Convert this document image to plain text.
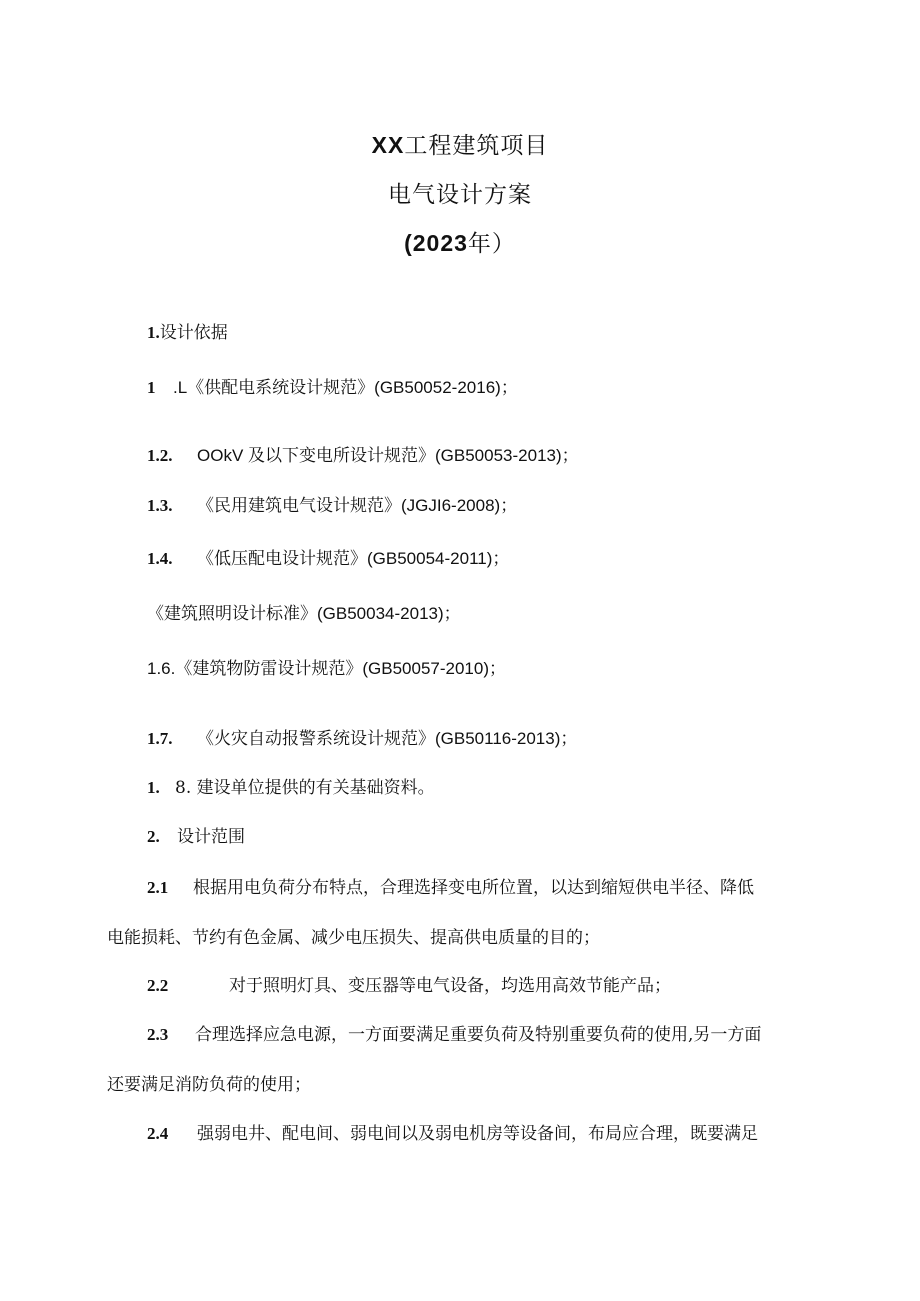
XX工程建筑项目
电气设计方案
(2023年）
1.设计依据
1 .L《供配电系统设计规范》(GB50052-2016)；
1.2. OOkV 及以下变电所设计规范》(GB50053-2013)；
1.3. 《民用建筑电气设计规范》(JGJI6-2008)；
1.4. 《低压配电设计规范》(GB50054-2011)；
《建筑照明设计标准》(GB50034-2013)；
1.6.《建筑物防雷设计规范》(GB50057-2010)；
1.7. 《火灾自动报警系统设计规范》(GB50116-2013)；
1. 8. 建设单位提供的有关基础资料。
2. 设计范围
2.1 根据用电负荷分布特点，合理选择变电所位置，以达到缩短供电半径、降低
电能损耗、节约有色金属、减少电压损失、提高供电质量的目的；
2.2	对于照明灯具、变压器等电气设备，均选用高效节能产品；
2.3 合理选择应急电源，一方面要满足重要负荷及特别重要负荷的使用,另一方面
还要满足消防负荷的使用；
2.4 强弱电井、配电间、弱电间以及弱电机房等设备间，布局应合理，既要满足
